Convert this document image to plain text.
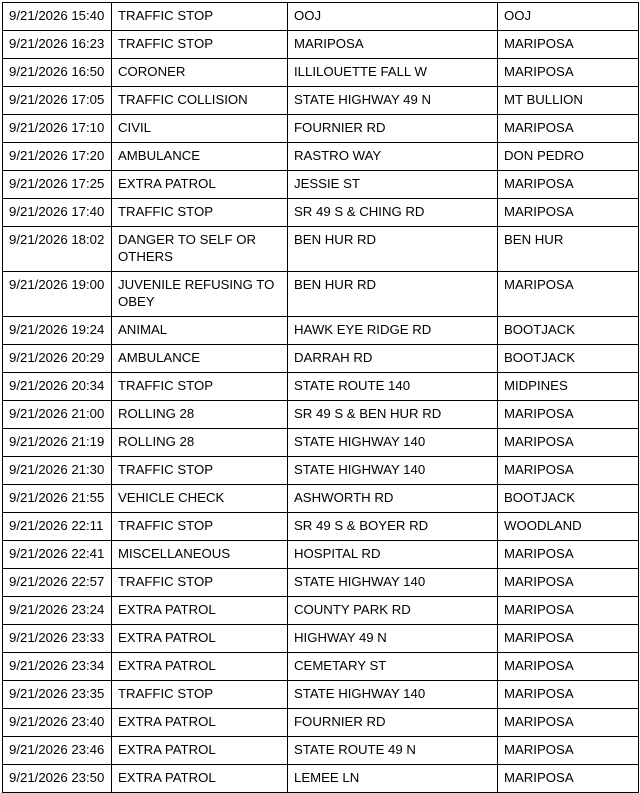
9/21/2026 15:40	TRAFFIC STOP	OOJ	OOJ
9/21/2026 16:23	TRAFFIC STOP	MARIPOSA	MARIPOSA
9/21/2026 16:50	CORONER	ILLILOUETTE FALL W	MARIPOSA
9/21/2026 17:05	TRAFFIC COLLISION	STATE HIGHWAY 49 N	MT BULLION
9/21/2026 17:10	CIVIL	FOURNIER RD	MARIPOSA
9/21/2026 17:20	AMBULANCE	RASTRO WAY	DON PEDRO
9/21/2026 17:25	EXTRA PATROL	JESSIE ST	MARIPOSA
9/21/2026 17:40	TRAFFIC STOP	SR 49 S & CHING RD	MARIPOSA
9/21/2026 18:02	DANGER TO SELF OR OTHERS	BEN HUR RD	BEN HUR
9/21/2026 19:00	JUVENILE REFUSING TO OBEY	BEN HUR RD	MARIPOSA
9/21/2026 19:24	ANIMAL	HAWK EYE RIDGE RD	BOOTJACK
9/21/2026 20:29	AMBULANCE	DARRAH RD	BOOTJACK
9/21/2026 20:34	TRAFFIC STOP	STATE ROUTE 140	MIDPINES
9/21/2026 21:00	ROLLING 28	SR 49 S & BEN HUR RD	MARIPOSA
9/21/2026 21:19	ROLLING 28	STATE HIGHWAY 140	MARIPOSA
9/21/2026 21:30	TRAFFIC STOP	STATE HIGHWAY 140	MARIPOSA
9/21/2026 21:55	VEHICLE CHECK	ASHWORTH RD	BOOTJACK
9/21/2026 22:11	TRAFFIC STOP	SR 49 S & BOYER RD	WOODLAND
9/21/2026 22:41	MISCELLANEOUS	HOSPITAL RD	MARIPOSA
9/21/2026 22:57	TRAFFIC STOP	STATE HIGHWAY 140	MARIPOSA
9/21/2026 23:24	EXTRA PATROL	COUNTY PARK RD	MARIPOSA
9/21/2026 23:33	EXTRA PATROL	HIGHWAY 49 N	MARIPOSA
9/21/2026 23:34	EXTRA PATROL	CEMETARY ST	MARIPOSA
9/21/2026 23:35	TRAFFIC STOP	STATE HIGHWAY 140	MARIPOSA
9/21/2026 23:40	EXTRA PATROL	FOURNIER RD	MARIPOSA
9/21/2026 23:46	EXTRA PATROL	STATE ROUTE 49 N	MARIPOSA
9/21/2026 23:50	EXTRA PATROL	LEMEE LN	MARIPOSA
